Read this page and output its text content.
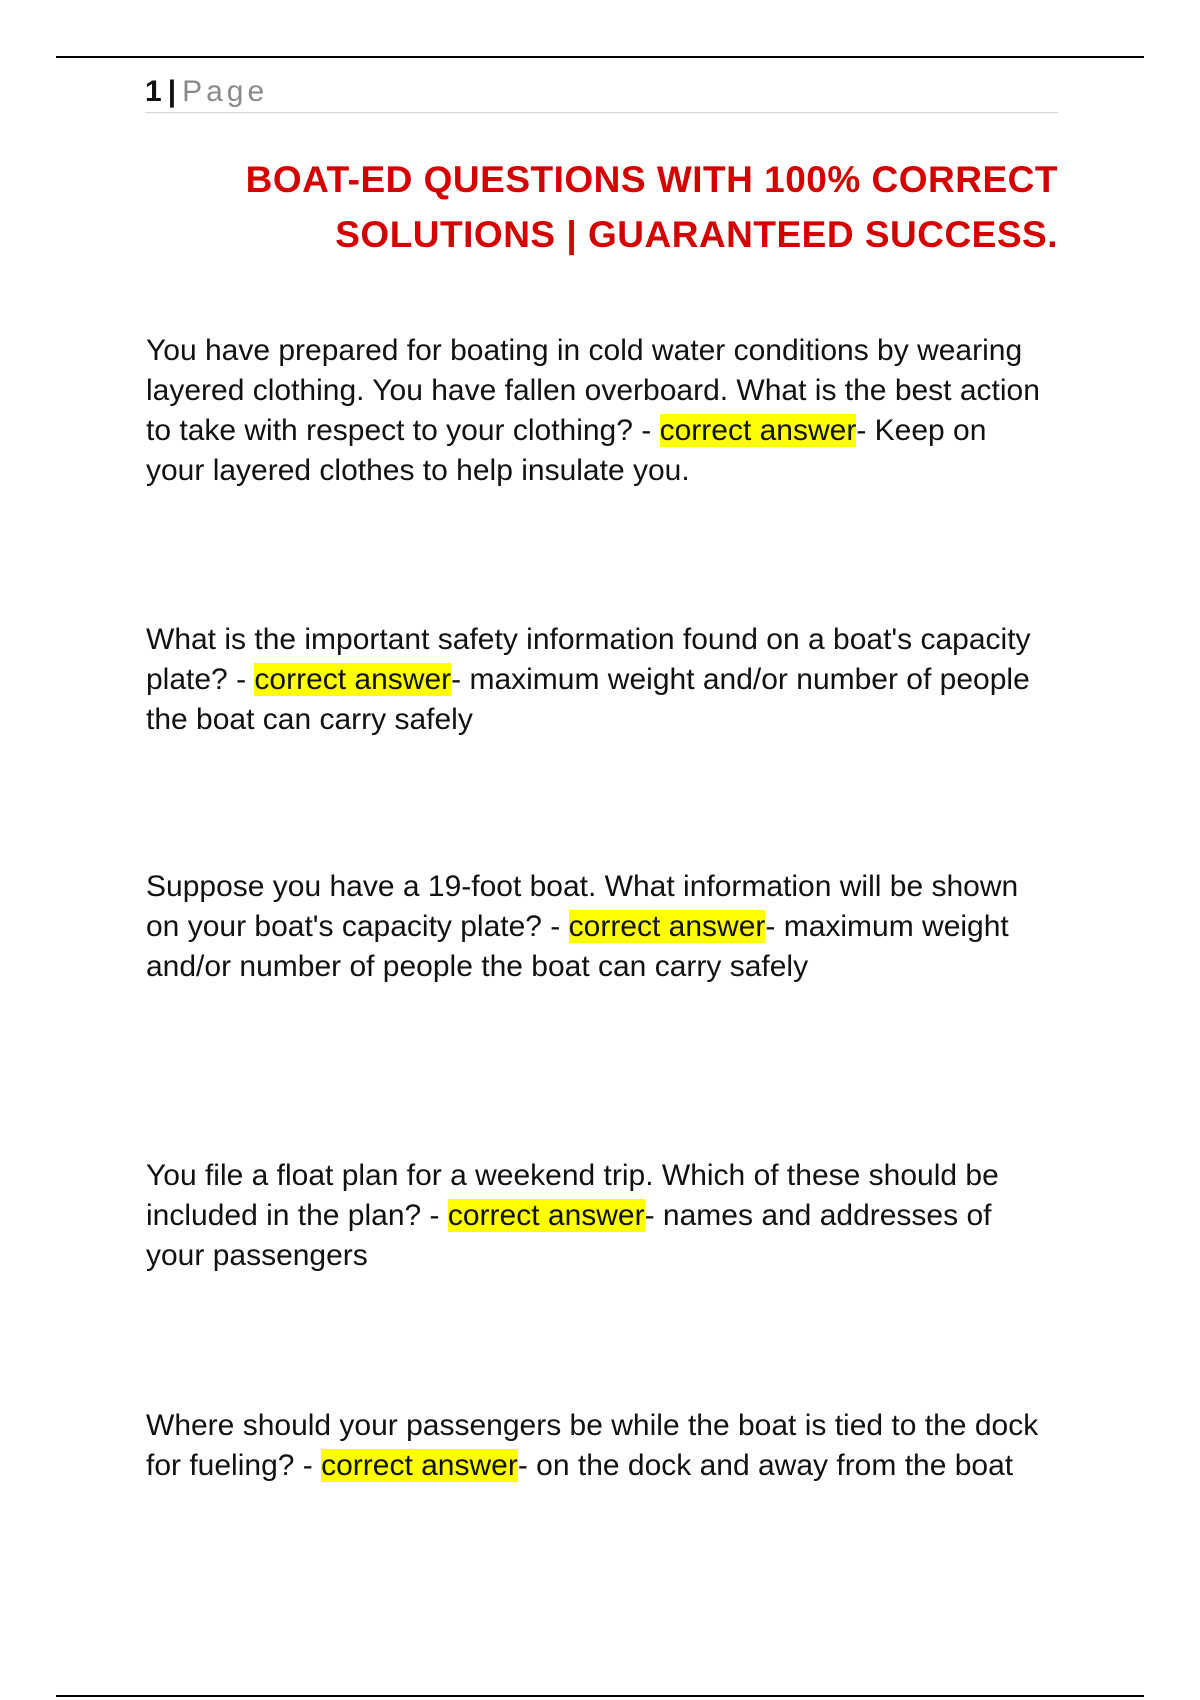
1 | Page
BOAT-ED QUESTIONS WITH 100% CORRECT
SOLUTIONS | GUARANTEED SUCCESS.
You have prepared for boating in cold water conditions by wearing layered clothing. You have fallen overboard. What is the best action to take with respect to your clothing? - correct answer- Keep on your layered clothes to help insulate you.
What is the important safety information found on a boat's capacity plate? - correct answer- maximum weight and/or number of people the boat can carry safely
Suppose you have a 19-foot boat. What information will be shown on your boat's capacity plate? - correct answer- maximum weight and/or number of people the boat can carry safely
You file a float plan for a weekend trip. Which of these should be included in the plan? - correct answer- names and addresses of your passengers
Where should your passengers be while the boat is tied to the dock for fueling? - correct answer- on the dock and away from the boat
